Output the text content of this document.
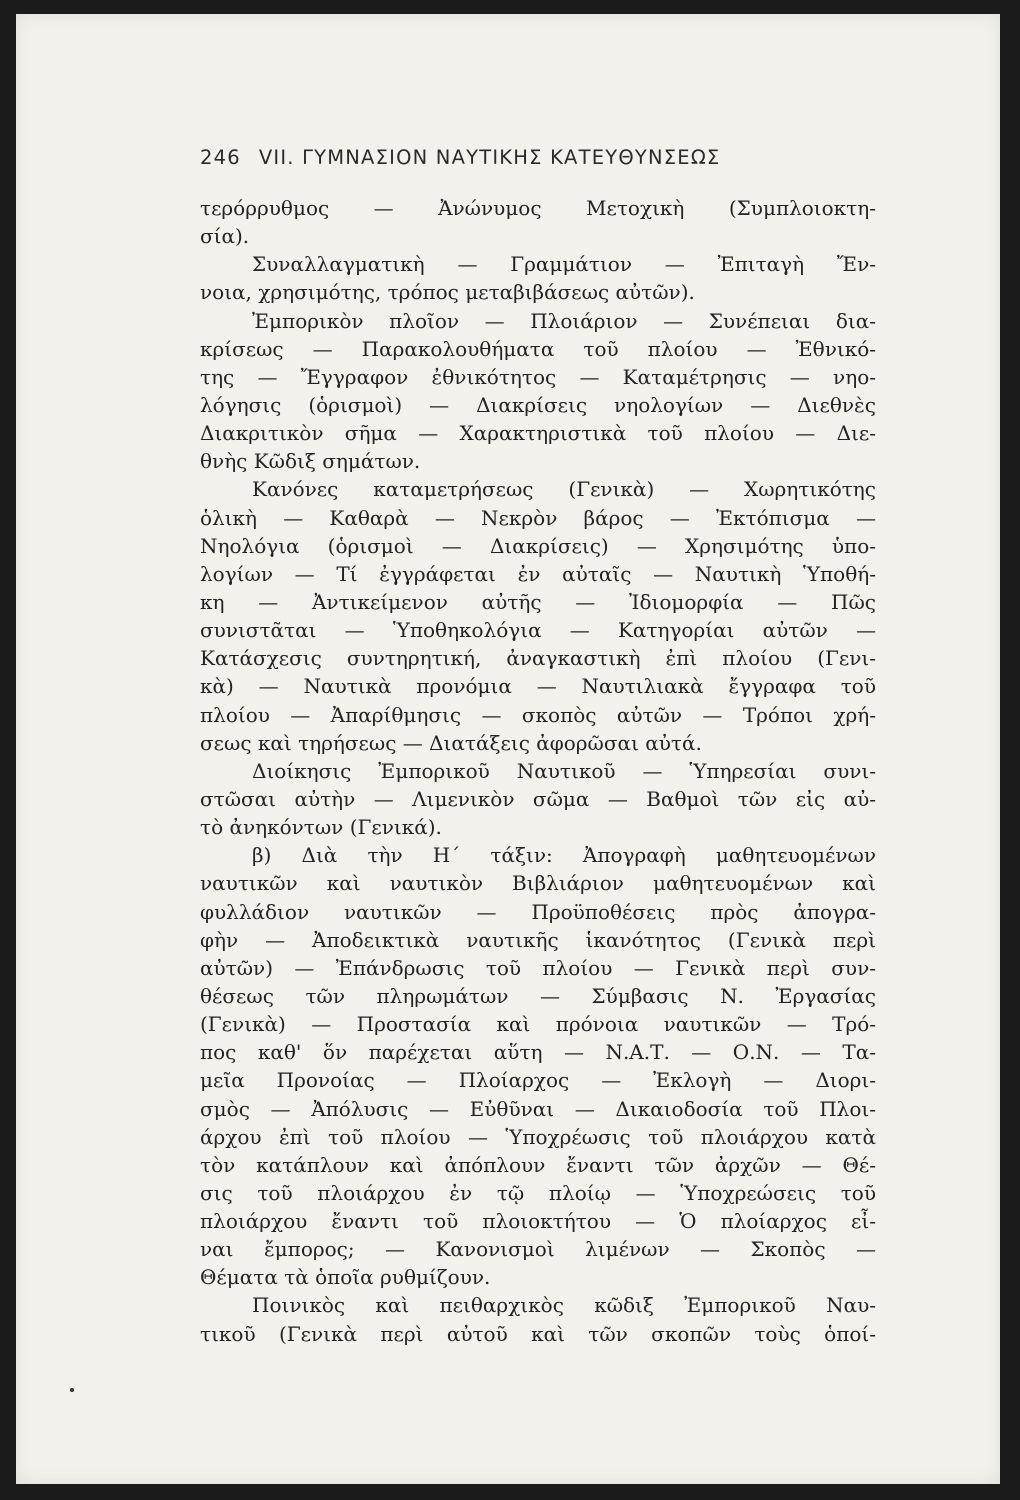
246 VII. ΓΥΜΝΑΣΙΟΝ ΝΑΥΤΙΚΗΣ ΚΑΤΕΥΘΥΝΣΕΩΣ
τερόρρυθμος — Ἀνώνυμος Μετοχικὴ (Συμπλοιοκτη-
σία).
Συναλλαγματικὴ — Γραμμάτιον — Ἐπιταγὴ Ἔν-
νοια, χρησιμότης, τρόπος μεταβιβάσεως αὐτῶν).
Ἐμπορικὸν πλοῖον — Πλοιάριον — Συνέπειαι δια-
κρίσεως — Παρακολουθήματα τοῦ πλοίου — Ἐθνικό-
της — Ἔγγραφον ἐθνικότητος — Καταμέτρησις — νηο-
λόγησις (ὁρισμοὶ) — Διακρίσεις νηολογίων — Διεθνὲς
Διακριτικὸν σῆμα — Χαρακτηριστικὰ τοῦ πλοίου — Διε-
θνὴς Κῶδιξ σημάτων.
Κανόνες καταμετρήσεως (Γενικὰ) — Χωρητικότης
ὁλικὴ — Καθαρὰ — Νεκρὸν βάρος — Ἐκτόπισμα —
Νηολόγια (ὁρισμοὶ — Διακρίσεις) — Χρησιμότης ὑπο-
λογίων — Τί ἐγγράφεται ἐν αὐταῖς — Ναυτικὴ Ὑποθή-
κη — Ἀντικείμενον αὐτῆς — Ἰδιομορφία — Πῶς
συνιστᾶται — Ὑποθηκολόγια — Κατηγορίαι αὐτῶν —
Κατάσχεσις συντηρητική, ἀναγκαστικὴ ἐπὶ πλοίου (Γενι-
κὰ) — Ναυτικὰ προνόμια — Ναυτιλιακὰ ἔγγραφα τοῦ
πλοίου — Ἀπαρίθμησις — σκοπὸς αὐτῶν — Τρόποι χρή-
σεως καὶ τηρήσεως — Διατάξεις ἀφορῶσαι αὐτά.
Διοίκησις Ἐμπορικοῦ Ναυτικοῦ — Ὑπηρεσίαι συνι-
στῶσαι αὐτὴν — Λιμενικὸν σῶμα — Βαθμοὶ τῶν εἰς αὐ-
τὸ ἀνηκόντων (Γενικά).
β) Διὰ τὴν Η΄ τάξιν: Ἀπογραφὴ μαθητευομένων
ναυτικῶν καὶ ναυτικὸν Βιβλιάριον μαθητευομένων καὶ
φυλλάδιον ναυτικῶν — Προϋποθέσεις πρὸς ἀπογρα-
φὴν — Ἀποδεικτικὰ ναυτικῆς ἱκανότητος (Γενικὰ περὶ
αὐτῶν) — Ἐπάνδρωσις τοῦ πλοίου — Γενικὰ περὶ συν-
θέσεως τῶν πληρωμάτων — Σύμβασις Ν. Ἐργασίας
(Γενικὰ) — Προστασία καὶ πρόνοια ναυτικῶν — Τρό-
πος καθ' ὅν παρέχεται αὕτη — Ν.Α.Τ. — Ο.Ν. — Τα-
μεῖα Προνοίας — Πλοίαρχος — Ἐκλογὴ — Διορι-
σμὸς — Ἀπόλυσις — Εὐθῦναι — Δικαιοδοσία τοῦ Πλοι-
άρχου ἐπὶ τοῦ πλοίου — Ὑποχρέωσις τοῦ πλοιάρχου κατὰ
τὸν κατάπλουν καὶ ἀπόπλουν ἔναντι τῶν ἀρχῶν — Θέ-
σις τοῦ πλοιάρχου ἐν τῷ πλοίῳ — Ὑποχρεώσεις τοῦ
πλοιάρχου ἔναντι τοῦ πλοιοκτήτου — Ὁ πλοίαρχος εἶ-
ναι ἔμπορος; — Κανονισμοὶ λιμένων — Σκοπὸς —
Θέματα τὰ ὁποῖα ρυθμίζουν.
Ποινικὸς καὶ πειθαρχικὸς κῶδιξ Ἐμπορικοῦ Ναυ-
τικοῦ (Γενικὰ περὶ αὐτοῦ καὶ τῶν σκοπῶν τοὺς ὁποί-
